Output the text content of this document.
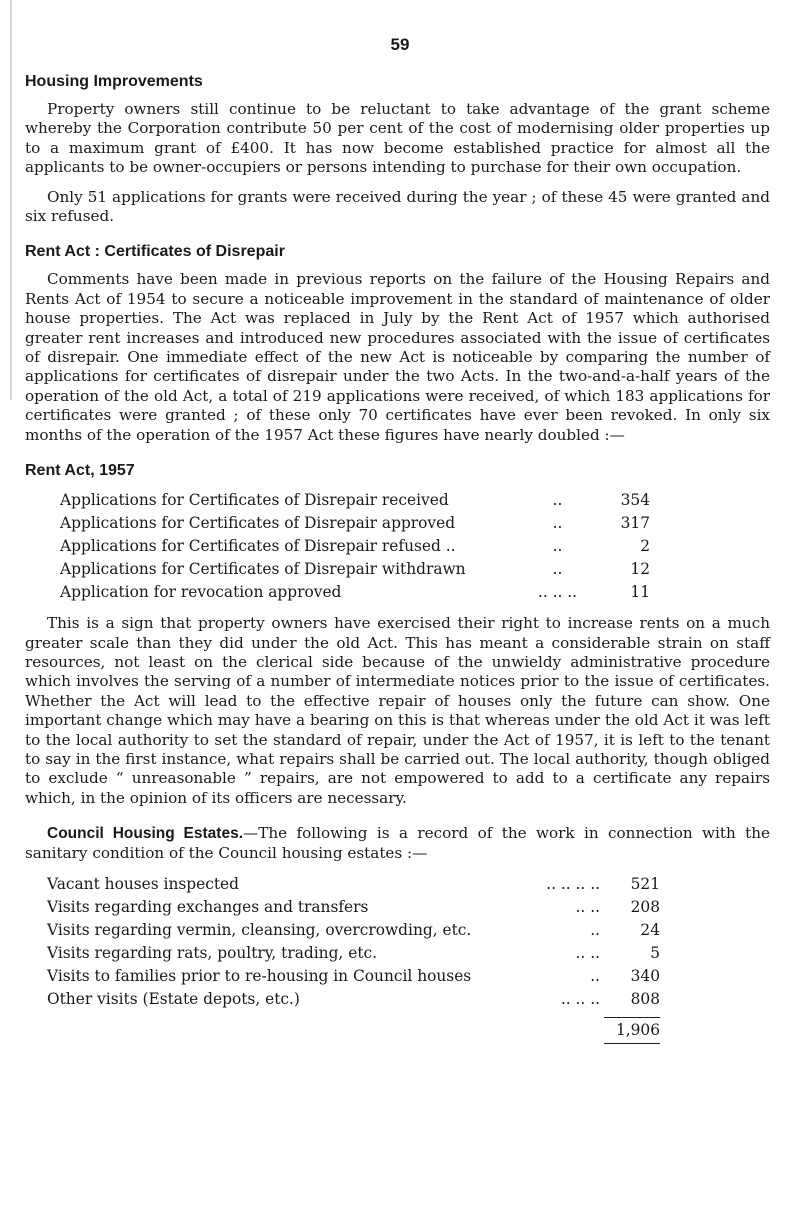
59
Housing Improvements

Property owners still continue to be reluctant to take advantage of the grant scheme whereby the Corporation contribute 50 per cent of the cost of modernising older properties up to a maximum grant of £400. It has now become established practice for almost all the applicants to be owner-occupiers or persons intending to purchase for their own occupation.

Only 51 applications for grants were received during the year ; of these 45 were granted and six refused.

Rent Act : Certificates of Disrepair

Comments have been made in previous reports on the failure of the Housing Repairs and Rents Act of 1954 to secure a noticeable improvement in the standard of maintenance of older house properties. The Act was replaced in July by the Rent Act of 1957 which authorised greater rent increases and introduced new procedures associated with the issue of certificates of disrepair. One immediate effect of the new Act is noticeable by comparing the number of applications for certificates of disrepair under the two Acts. In the two-and-a-half years of the operation of the old Act, a total of 219 applications were received, of which 183 applications for certificates were granted ; of these only 70 certificates have ever been revoked. In only six months of the operation of the 1957 Act these figures have nearly doubled :—

Rent Act, 1957
Applications for Certificates of Disrepair received	..	354
Applications for Certificates of Disrepair approved	..	317
Applications for Certificates of Disrepair refused ..	..	2
Applications for Certificates of Disrepair withdrawn	..	12
Application for revocation approved	.. .. ..	11

This is a sign that property owners have exercised their right to increase rents on a much greater scale than they did under the old Act. This has meant a considerable strain on staff resources, not least on the clerical side because of the unwieldy administrative procedure which involves the serving of a number of intermediate notices prior to the issue of certificates. Whether the Act will lead to the effective repair of houses only the future can show. One important change which may have a bearing on this is that whereas under the old Act it was left to the local authority to set the standard of repair, under the Act of 1957, it is left to the tenant to say in the first instance, what repairs shall be carried out. The local authority, though obliged to exclude “ unreasonable ” repairs, are not empowered to add to a certificate any repairs which, in the opinion of its officers are necessary.

Council Housing Estates.—The following is a record of the work in connection with the sanitary condition of the Council housing estates :—

Vacant houses inspected	.. .. .. ..	521
Visits regarding exchanges and transfers	.. ..	208
Visits regarding vermin, cleansing, overcrowding, etc.	..	24
Visits regarding rats, poultry, trading, etc.	.. ..	5
Visits to families prior to re-housing in Council houses	..	340
Other visits (Estate depots, etc.)	.. .. ..	808
1,906
